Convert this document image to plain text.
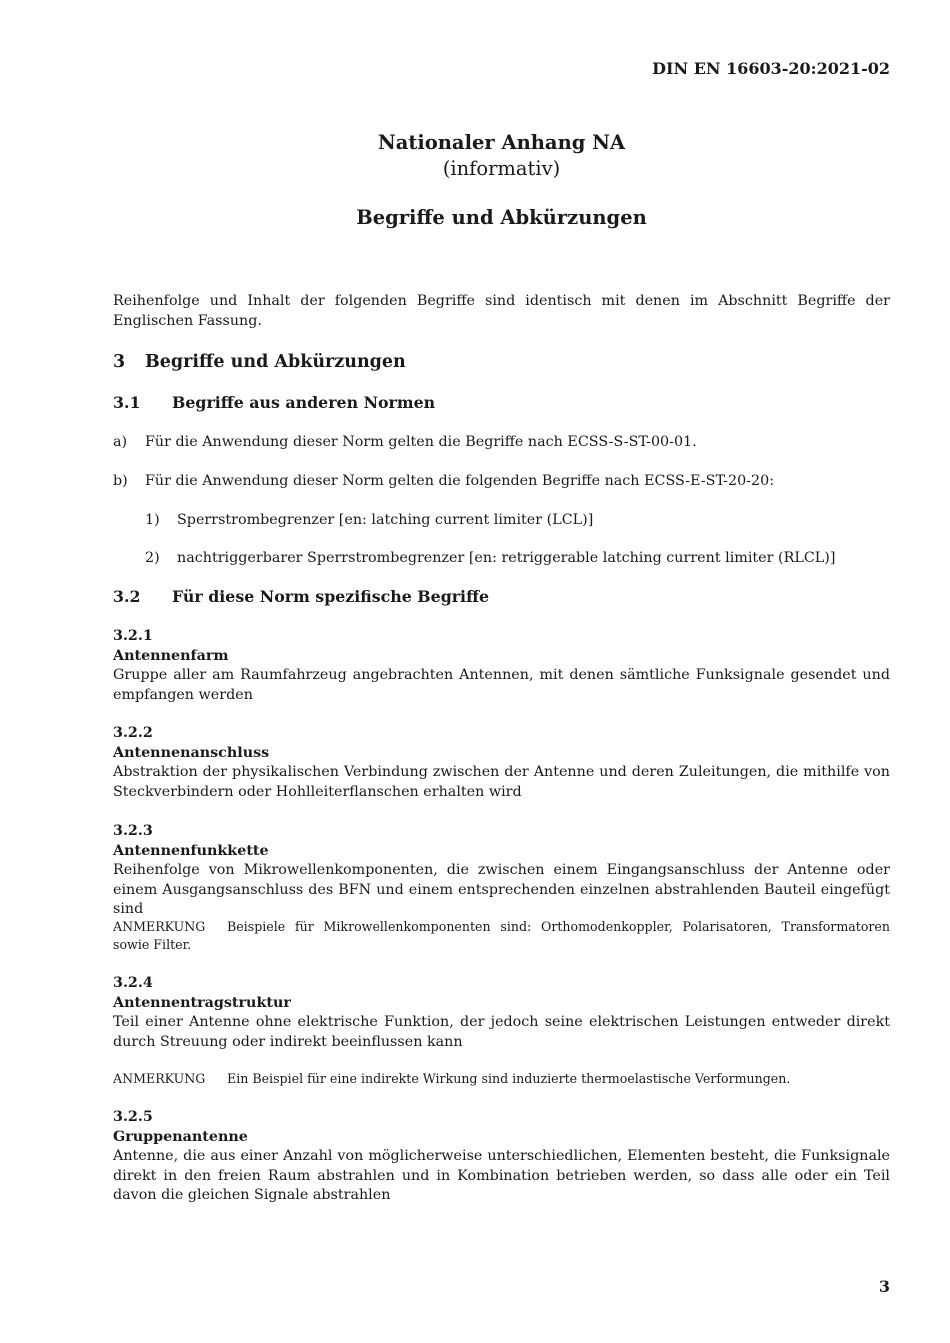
DIN EN 16603-20:2021-02
Nationaler Anhang NA
(informativ)
Begriffe und Abkürzungen
Reihenfolge und Inhalt der folgenden Begriffe sind identisch mit denen im Abschnitt Begriffe der Englischen Fassung.
3 Begriffe und Abkürzungen
3.1 Begriffe aus anderen Normen
a) Für die Anwendung dieser Norm gelten die Begriffe nach ECSS-S-ST-00-01.
b) Für die Anwendung dieser Norm gelten die folgenden Begriffe nach ECSS-E-ST-20-20:
1) Sperrstrombegrenzer [en: latching current limiter (LCL)]
2) nachtriggerbarer Sperrstrombegrenzer [en: retriggerable latching current limiter (RLCL)]
3.2 Für diese Norm spezifische Begriffe
3.2.1
Antennenfarm
Gruppe aller am Raumfahrzeug angebrachten Antennen, mit denen sämtliche Funksignale gesendet und empfangen werden
3.2.2
Antennenanschluss
Abstraktion der physikalischen Verbindung zwischen der Antenne und deren Zuleitungen, die mithilfe von Steckverbindern oder Hohlleiterflanschen erhalten wird
3.2.3
Antennenfunkkette
Reihenfolge von Mikrowellenkomponenten, die zwischen einem Eingangsanschluss der Antenne oder einem Ausgangsanschluss des BFN und einem entsprechenden einzelnen abstrahlenden Bauteil eingefügt sind
ANMERKUNG Beispiele für Mikrowellenkomponenten sind: Orthomodenkoppler, Polarisatoren, Transformatoren sowie Filter.
3.2.4
Antennentragstruktur
Teil einer Antenne ohne elektrische Funktion, der jedoch seine elektrischen Leistungen entweder direkt durch Streuung oder indirekt beeinflussen kann
ANMERKUNG Ein Beispiel für eine indirekte Wirkung sind induzierte thermoelastische Verformungen.
3.2.5
Gruppenantenne
Antenne, die aus einer Anzahl von möglicherweise unterschiedlichen, Elementen besteht, die Funksignale direkt in den freien Raum abstrahlen und in Kombination betrieben werden, so dass alle oder ein Teil davon die gleichen Signale abstrahlen
3
